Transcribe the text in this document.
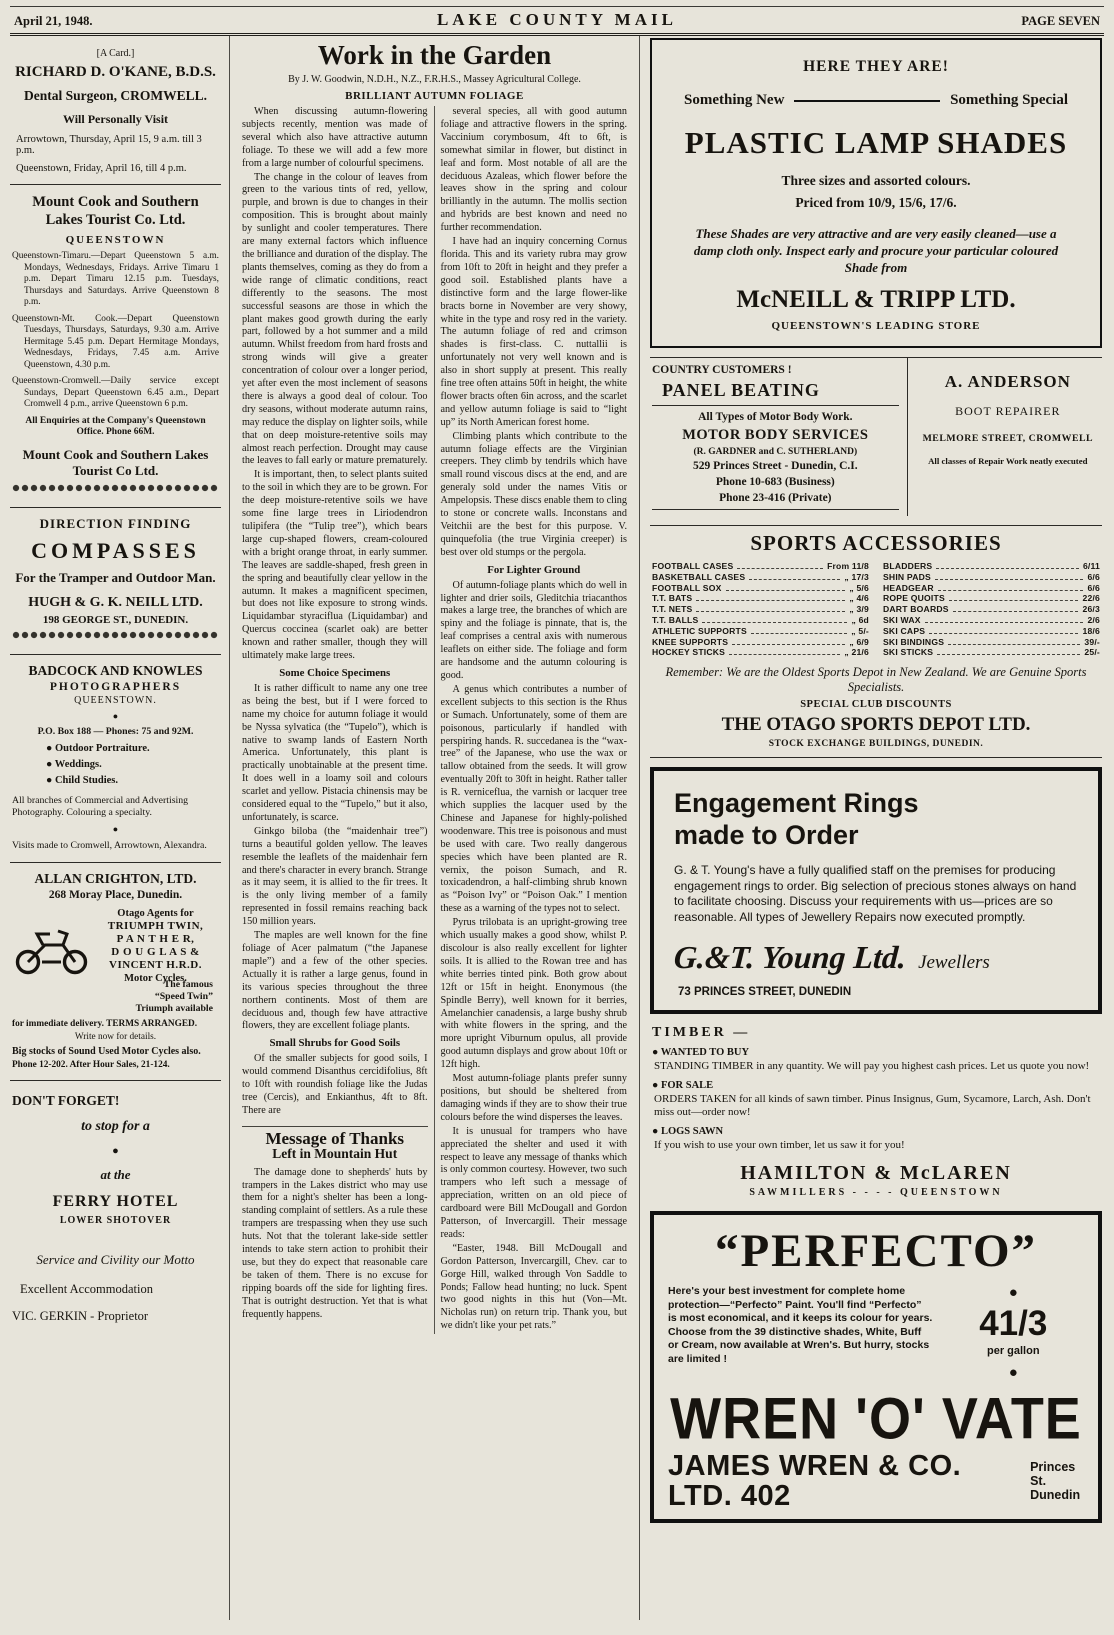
April 21, 1948.	LAKE COUNTY MAIL	PAGE SEVEN
[A Card.]
RICHARD D. O'KANE, B.D.S.
Dental Surgeon, CROMWELL.
Will Personally Visit

Arrowtown, Thursday, April 15, 9 a.m. till 3 p.m.

Queenstown, Friday, April 16, till 4 p.m.

Mount Cook and Southern Lakes Tourist Co. Ltd.
QUEENSTOWN

Queenstown-Timaru.—Depart Queenstown 5 a.m. Mondays, Wednesdays, Fridays. Arrive Timaru 1 p.m. Depart Timaru 12.15 p.m. Tuesdays, Thursdays and Saturdays. Arrive Queenstown 8 p.m.

Queenstown-Mt. Cook.—Depart Queenstown Tuesdays, Thursdays, Saturdays, 9.30 a.m. Arrive Hermitage 5.45 p.m. Depart Hermitage Mondays, Wednesdays, Fridays, 7.45 a.m. Arrive Queenstown, 4.30 p.m.

Queenstown-Cromwell.—Daily service except Sundays, Depart Queenstown 6.45 a.m., Depart Cromwell 4 p.m., arrive Queenstown 6 p.m.

All Enquiries at the Company's Queenstown Office. Phone 66M.

Mount Cook and Southern Lakes Tourist Co Ltd.
DIRECTION FINDING
COMPASSES
For the Tramper and Outdoor Man.
HUGH & G. K. NEILL LTD.
198 GEORGE ST., DUNEDIN.
BADCOCK AND KNOWLES
PHOTOGRAPHERS
QUEENSTOWN.
●
P.O. Box 188 — Phones: 75 and 92M.
● Outdoor Portraiture.
● Weddings.
● Child Studies.

All branches of Commercial and Advertising Photography. Colouring a specialty.

●

Visits made to Cromwell, Arrowtown, Alexandra.

ALLAN CRIGHTON, LTD.
268 Moray Place, Dunedin.
Otago Agents for
TRIUMPH TWIN,
P A N T H E R,
D O U G L A S &
VINCENT H.R.D.
Motor Cycles.
The famous
“Speed Twin”
Triumph available
for immediate delivery. TERMS ARRANGED.
Write now for details.
Big stocks of Sound Used Motor Cycles also.
Phone 12-202. After Hour Sales, 21-124.
DON'T FORGET!
to stop for a
●
at the
FERRY HOTEL
LOWER SHOTOVER
Service and Civility our Motto
Excellent Accommodation
VIC. GERKIN - Proprietor
Work in the Garden
By J. W. Goodwin, N.D.H., N.Z., F.R.H.S., Massey Agricultural College.
BRILLIANT AUTUMN FOLIAGE

When discussing autumn-flowering subjects recently, mention was made of several which also have attractive autumn foliage. To these we will add a few more from a large number of colourful specimens.

The change in the colour of leaves from green to the various tints of red, yellow, purple, and brown is due to changes in their composition. This is brought about mainly by sunlight and cooler temperatures. There are many external factors which influence the brilliance and duration of the display. The plants themselves, coming as they do from a wide range of climatic conditions, react differently to the seasons. The most successful seasons are those in which the plant makes good growth during the early part, followed by a hot summer and a mild autumn. Whilst freedom from hard frosts and strong winds will give a greater concentration of colour over a longer period, yet after even the most inclement of seasons there is always a good deal of colour. Too dry seasons, without moderate autumn rains, may reduce the display on lighter soils, while that on deep moisture-retentive soils may almost reach perfection. Drought may cause the leaves to fall early or mature prematurely.

It is important, then, to select plants suited to the soil in which they are to be grown. For the deep moisture-retentive soils we have some fine large trees in Liriodendron tulipifera (the “Tulip tree”), which bears large cup-shaped flowers, cream-coloured with a bright orange throat, in early summer. The leaves are saddle-shaped, fresh green in the spring and beautifully clear yellow in the autumn. It makes a magnificent specimen, but does not like exposure to strong winds. Liquidambar styraciflua (Liquidambar) and Quercus coccinea (scarlet oak) are better known and rather smaller, though they will ultimately make large trees.

Some Choice Specimens

It is rather difficult to name any one tree as being the best, but if I were forced to name my choice for autumn foliage it would be Nyssa sylvatica (the “Tupelo”), which is native to swamp lands of Eastern North America. Unfortunately, this plant is practically unobtainable at the present time. It does well in a loamy soil and colours scarlet and yellow. Pistacia chinensis may be considered equal to the “Tupelo,” but it also, unfortunately, is scarce.

Ginkgo biloba (the “maidenhair tree”) turns a beautiful golden yellow. The leaves resemble the leaflets of the maidenhair fern and there's character in every branch. Strange as it may seem, it is allied to the fir trees. It is the only living member of a family represented in fossil remains reaching back 150 million years.

The maples are well known for the fine foliage of Acer palmatum (“the Japanese maple”) and a few of the other species. Actually it is rather a large genus, found in its various species throughout the three northern continents. Most of them are deciduous and, though few have attractive flowers, they are excellent foliage plants.

Small Shrubs for Good Soils

Of the smaller subjects for good soils, I would commend Disanthus cercidifolius, 8ft to 10ft with roundish foliage like the Judas tree (Cercis), and Enkianthus, 4ft to 8ft. There are

Message of Thanks
Left in Mountain Hut

The damage done to shepherds' huts by trampers in the Lakes district who may use them for a night's shelter has been a long-standing complaint of settlers. As a rule these trampers are trespassing when they use such huts. Not that the tolerant lake-side settler intends to take stern action to prohibit their use, but they do expect that reasonable care be taken of them. There is no excuse for ripping boards off the side for lighting fires. That is outright destruction. Yet that is what frequently happens.

several species, all with good autumn foliage and attractive flowers in the spring. Vaccinium corymbosum, 4ft to 6ft, is somewhat similar in flower, but distinct in leaf and form. Most notable of all are the deciduous Azaleas, which flower before the leaves show in the spring and colour brilliantly in the autumn. The mollis section and hybrids are best known and need no further recommendation.

I have had an inquiry concerning Cornus florida. This and its variety rubra may grow from 10ft to 20ft in height and they prefer a good soil. Established plants have a distinctive form and the large flower-like bracts borne in November are very showy, white in the type and rosy red in the variety. The autumn foliage of red and crimson shades is first-class. C. nuttallii is unfortunately not very well known and is also in short supply at present. This really fine tree often attains 50ft in height, the white flower bracts often 6in across, and the scarlet and yellow autumn foliage is said to “light up” its North American forest home.

Climbing plants which contribute to the autumn foliage effects are the Virginian creepers. They climb by tendrils which have small round viscous discs at the end, and are generaly sold under the names Vitis or Ampelopsis. These discs enable them to cling to stone or concrete walls. Inconstans and Veitchii are the best for this purpose. V. quinquefolia (the true Virginia creeper) is best over old stumps or the pergola.

For Lighter Ground

Of autumn-foliage plants which do well in lighter and drier soils, Gleditchia triacanthos makes a large tree, the branches of which are spiny and the foliage is pinnate, that is, the leaf comprises a central axis with numerous leaflets on either side. The foliage and form are handsome and the autumn colouring is good.

A genus which contributes a number of excellent subjects to this section is the Rhus or Sumach. Unfortunately, some of them are poisonous, particularly if handled with perspiring hands. R. succedanea is the “wax-tree” of the Japanese, who use the wax or tallow obtained from the seeds. It will grow eventually 20ft to 30ft in height. Rather taller is R. verniceflua, the varnish or lacquer tree which supplies the lacquer used by the Chinese and Japanese for highly-polished woodenware. This tree is poisonous and must be used with care. Two really dangerous species which have been planted are R. vernix, the poison Sumach, and R. toxicadendron, a half-climbing shrub known as “Poison Ivy” or “Poison Oak.” I mention these as a warning of the types not to select.

Pyrus trilobata is an upright-growing tree which usually makes a good show, whilst P. discolour is also really excellent for lighter soils. It is allied to the Rowan tree and has white berries tinted pink. Both grow about 12ft or 15ft in height. Enonymous (the Spindle Berry), well known for it berries, Amelanchier canadensis, a large bushy shrub with white flowers in the spring, and the more upright Viburnum opulus, all provide good autumn displays and grow about 10ft or 12ft high.

Most autumn-foliage plants prefer sunny positions, but should be sheltered from damaging winds if they are to show their true colours before the wind disperses the leaves.

It is unusual for trampers who have appreciated the shelter and used it with respect to leave any message of thanks which is only common courtesy. However, two such trampers who left such a message of appreciation, written on an old piece of cardboard were Bill McDougall and Gordon Patterson, of Invercargill. Their message reads:

“Easter, 1948. Bill McDougall and Gordon Patterson, Invercargill, Chev. car to Gorge Hill, walked through Von Saddle to Ponds; Fallow head hunting; no luck. Spent two good nights in this hut (Von—Mt. Nicholas run) on return trip. Thank you, but we didn't like your pet rats.”

HERE THEY ARE!
Something New	Something Special
PLASTIC LAMP SHADES
Three sizes and assorted colours.
Priced from 10/9, 15/6, 17/6.
These Shades are very attractive and are very easily cleaned—use a damp cloth only. Inspect early and procure your particular coloured Shade from
McNEILL & TRIPP LTD.
QUEENSTOWN'S LEADING STORE
COUNTRY CUSTOMERS !
PANEL BEATING
All Types of Motor Body Work.
MOTOR BODY SERVICES
(R. GARDNER and C. SUTHERLAND)
529 Princes Street - Dunedin, C.I.
Phone 10-683 (Business)
Phone 23-416 (Private)
A. ANDERSON
BOOT REPAIRER
MELMORE STREET, CROMWELL
All classes of Repair Work neatly executed
SPORTS ACCESSORIES
FOOTBALL CASES	From 11/8
BASKETBALL CASES	„ 17/3
FOOTBALL SOX	„ 5/6
T.T. BATS	„ 4/6
T.T. NETS	„ 3/9
T.T. BALLS	„ 6d
ATHLETIC SUPPORTS	„ 5/-
KNEE SUPPORTS	„ 6/9
HOCKEY STICKS	„ 21/6
BLADDERS	6/11
SHIN PADS	6/6
HEADGEAR	6/6
ROPE QUOITS	22/6
DART BOARDS	26/3
SKI WAX	2/6
SKI CAPS	18/6
SKI BINDINGS	39/-
SKI STICKS	25/-
Remember: We are the Oldest Sports Depot in New Zealand. We are Genuine Sports Specialists.
SPECIAL CLUB DISCOUNTS
THE OTAGO SPORTS DEPOT LTD.
STOCK EXCHANGE BUILDINGS, DUNEDIN.
Engagement Rings
made to Order
G. & T. Young's have a fully qualified staff on the premises for producing engagement rings to order. Big selection of precious stones always on hand to facilitate choosing. Discuss your requirements with us—prices are so reasonable. All types of Jewellery Repairs now executed promptly.
G.&T. Young Ltd. Jewellers
73 PRINCES STREET, DUNEDIN
TIMBER —
● WANTED TO BUY

STANDING TIMBER in any quantity. We will pay you highest cash prices. Let us quote you now!

● FOR SALE

ORDERS TAKEN for all kinds of sawn timber. Pinus Insignus, Gum, Sycamore, Larch, Ash. Don't miss out—order now!

● LOGS SAWN

If you wish to use your own timber, let us saw it for you!

HAMILTON & McLAREN
SAWMILLERS - - - - QUEENSTOWN
“PERFECTO”
Here's your best investment for complete home protection—“Perfecto” Paint. You'll find “Perfecto” is most economical, and it keeps its colour for years. Choose from the 39 distinctive shades, White, Buff or Cream, now available at Wren's. But hurry, stocks are limited !
●
41/3
per gallon
●
WREN 'O' VATE
JAMES WREN & CO. LTD. 402
Princes St.
Dunedin
